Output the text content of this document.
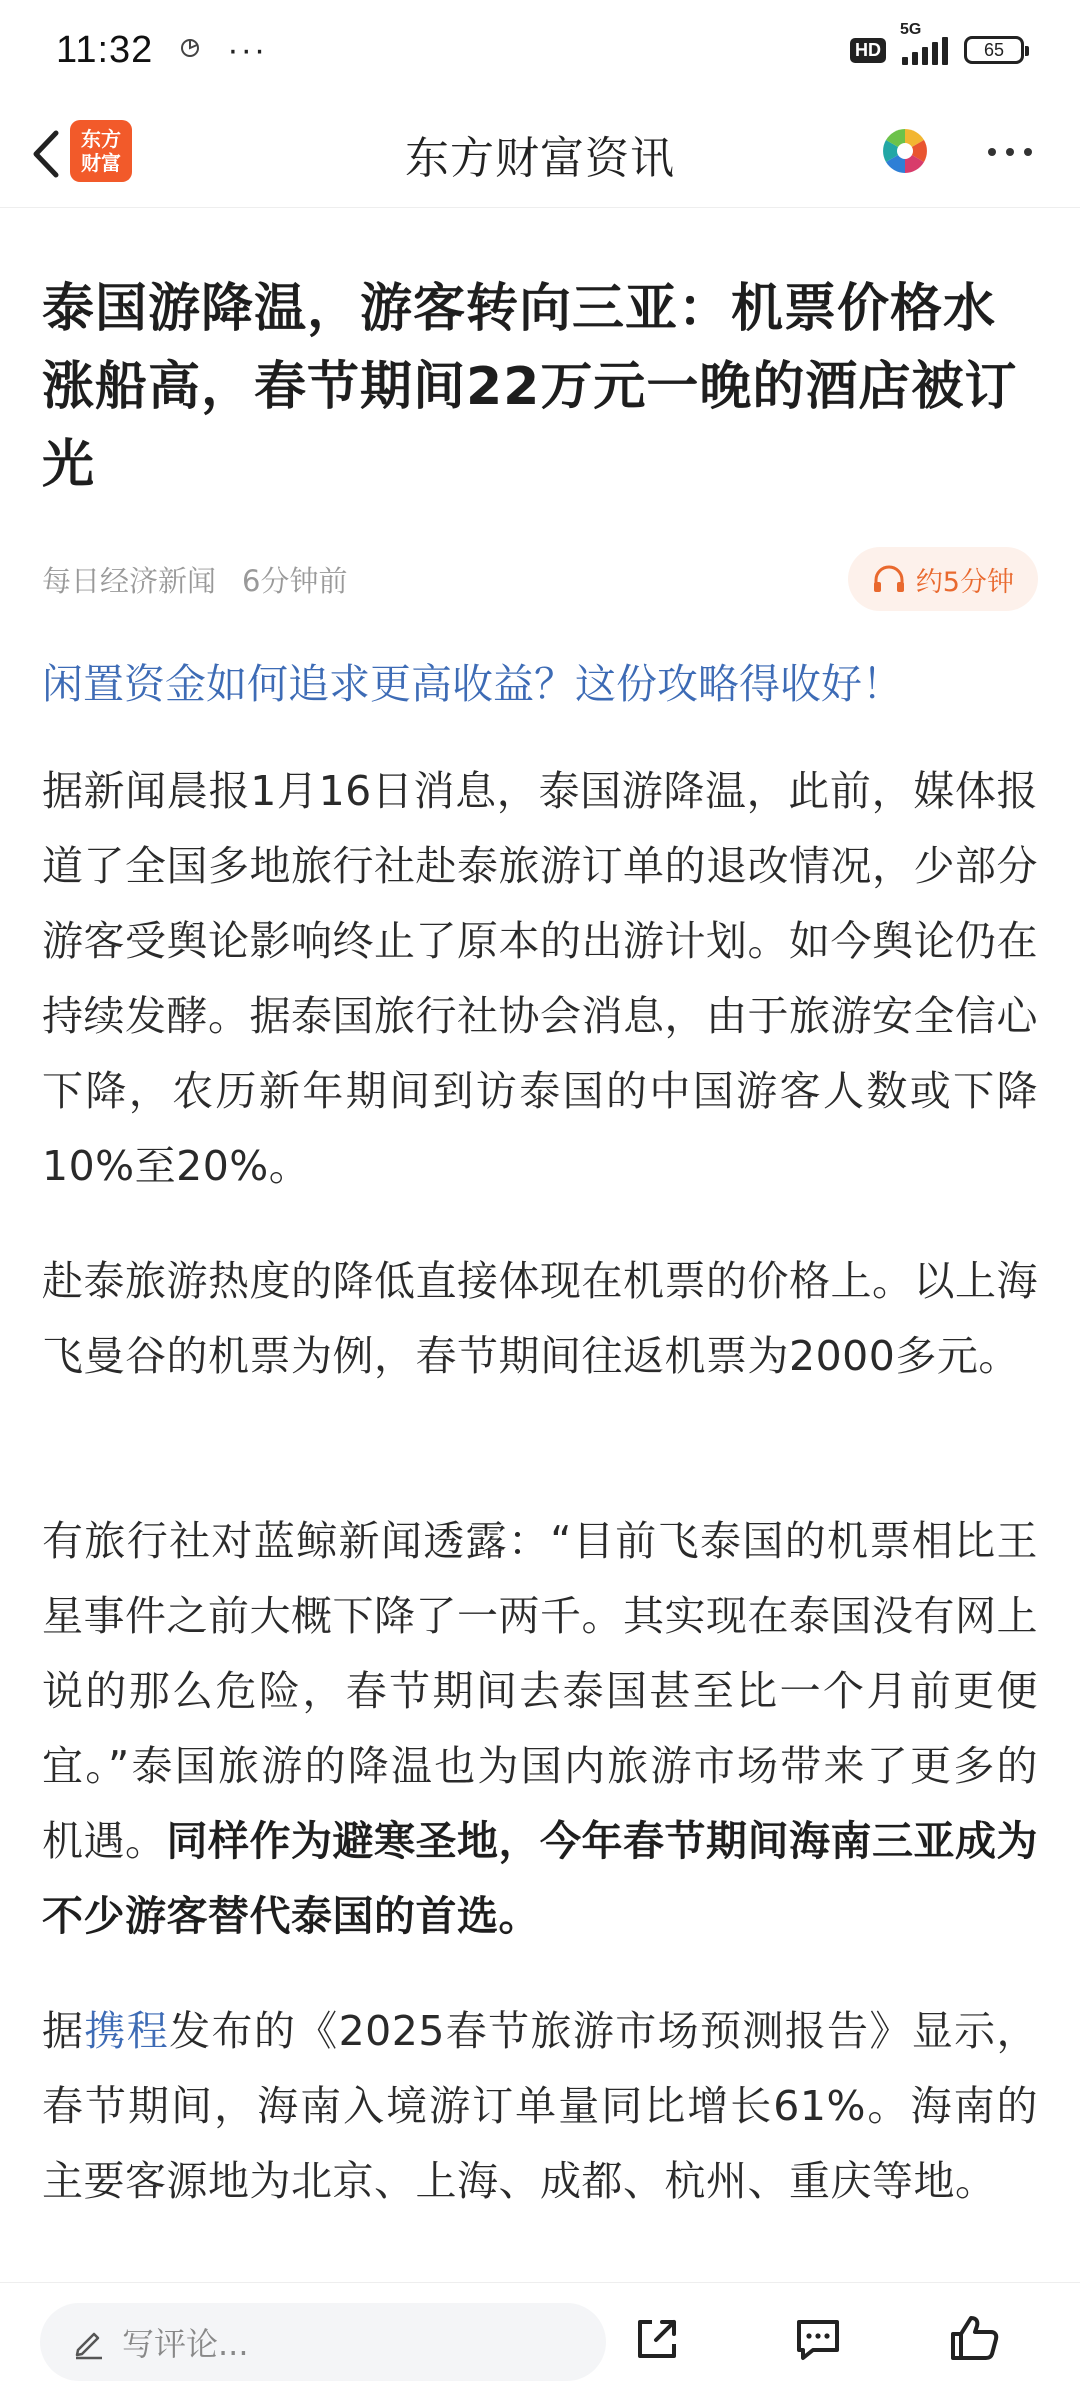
11:32 ···	HD
5G
65
东方
财富	东方财富资讯
泰国游降温，游客转向三亚：机票价格水涨船高，春节期间22万元一晚的酒店被订光
每日经济新闻 6分钟前	约5分钟
闲置资金如何追求更高收益？这份攻略得收好！

据新闻晨报1月16日消息，泰国游降温，此前，媒体报道了全国多地旅行社赴泰旅游订单的退改情况，少部分游客受舆论影响终止了原本的出游计划。如今舆论仍在持续发酵。据泰国旅行社协会消息，由于旅游安全信心下降，农历新年期间到访泰国的中国游客人数或下降10%至20%。

赴泰旅游热度的降低直接体现在机票的价格上。以上海飞曼谷的机票为例，春节期间往返机票为2000多元。

有旅行社对蓝鲸新闻透露：“目前飞泰国的机票相比王星事件之前大概下降了一两千。其实现在泰国没有网上说的那么危险，春节期间去泰国甚至比一个月前更便宜。”泰国旅游的降温也为国内旅游市场带来了更多的机遇。同样作为避寒圣地，今年春节期间海南三亚成为不少游客替代泰国的首选。

据携程发布的《2025春节旅游市场预测报告》显示，春节期间，海南入境游订单量同比增长61%。海南的主要客源地为北京、上海、成都、杭州、重庆等地。

写评论...
